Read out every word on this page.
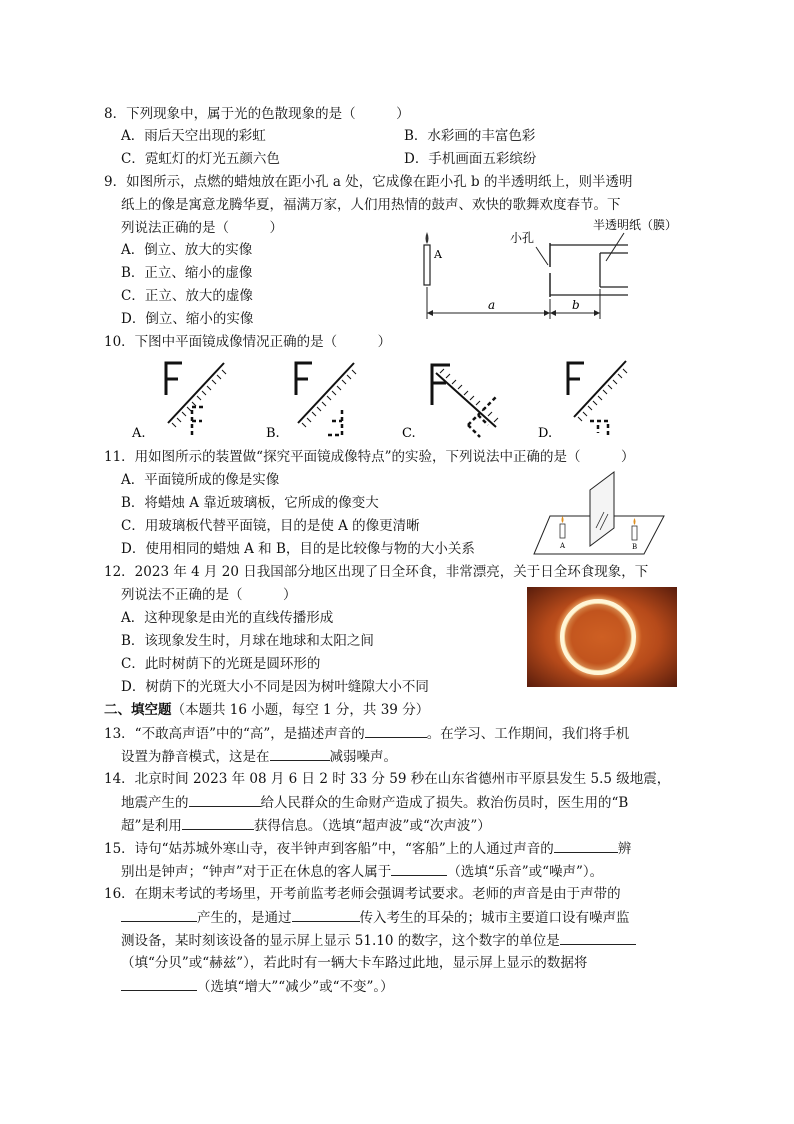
8．下列现象中，属于光的色散现象的是（　　　）
A．雨后天空出现的彩虹	B．水彩画的丰富色彩
C．霓虹灯的灯光五颜六色	D．手机画面五彩缤纷
9．如图所示，点燃的蜡烛放在距小孔 a 处，它成像在距小孔 b 的半透明纸上，则半透明
纸上的像是寓意龙腾华夏，福满万家，人们用热情的鼓声、欢快的歌舞欢度春节。下
列说法正确的是（　　　）
A．倒立、放大的实像
B．正立、缩小的虚像
C．正立、放大的虚像
D．倒立、缩小的实像
A
小孔
半透明纸（膜）
a	b
10．下图中平面镜成像情况正确的是（　　　）
A.	B.	C.	D.
11．用如图所示的装置做“探究平面镜成像特点”的实验，下列说法中正确的是（　　　）
A．平面镜所成的像是实像
B．将蜡烛 A 靠近玻璃板，它所成的像变大
C．用玻璃板代替平面镜，目的是使 A 的像更清晰
D．使用相同的蜡烛 A 和 B，目的是比较像与物的大小关系	A	B
12．2023 年 4 月 20 日我国部分地区出现了日全环食，非常漂亮，关于日全环食现象，下
列说法不正确的是（　　　）
A．这种现象是由光的直线传播形成
B．该现象发生时，月球在地球和太阳之间
C．此时树荫下的光斑是圆环形的
D．树荫下的光斑大小不同是因为树叶缝隙大小不同
二、填空题（本题共 16 小题，每空 1 分，共 39 分）
13．“不敢高声语”中的“高”，是描述声音的	。在学习、工作期间，我们将手机
设置为静音模式，这是在	减弱噪声。
14．北京时间 2023 年 08 月 6 日 2 时 33 分 59 秒在山东省德州市平原县发生 5.5 级地震，
地震产生的	给人民群众的生命财产造成了损失。救治伤员时，医生用的“B
超”是利用	获得信息。（选填“超声波”或“次声波”）
15．诗句“姑苏城外寒山寺，夜半钟声到客船”中，“客船”上的人通过声音的	辨
别出是钟声；“钟声”对于正在休息的客人属于	（选填“乐音”或“噪声”）。
16．在期末考试的考场里，开考前监考老师会强调考试要求。老师的声音是由于声带的
产生的，是通过	传入考生的耳朵的；城市主要道口设有噪声监
测设备，某时刻该设备的显示屏上显示 51.10 的数字，这个数字的单位是
（填“分贝”或“赫兹”），若此时有一辆大卡车路过此地，显示屏上显示的数据将
（选填“增大”“减少”或“不变”。）
